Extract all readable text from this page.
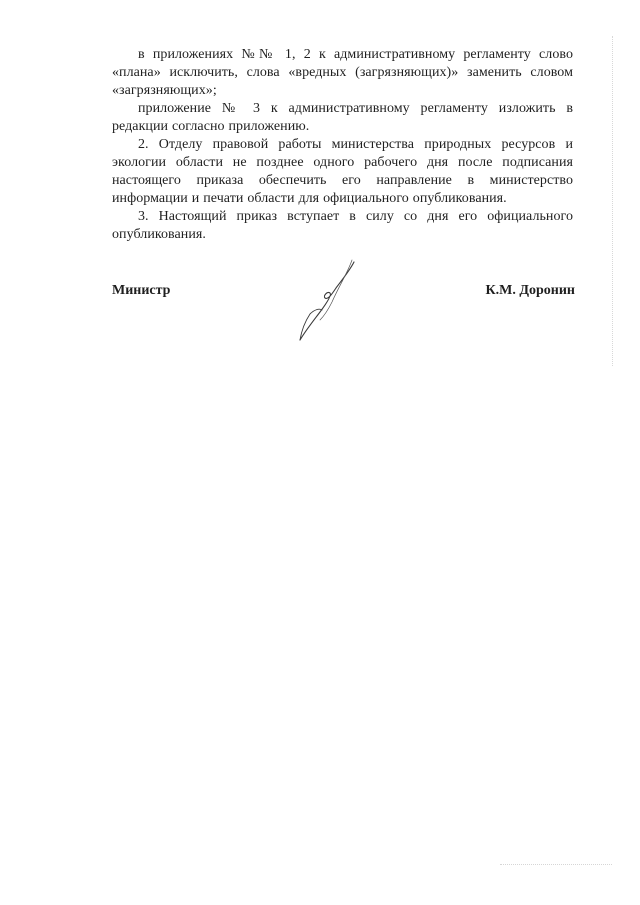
в приложениях №№ 1, 2 к административному регламенту слово «плана» исключить, слова «вредных (загрязняющих)» заменить словом «загрязняющих»;

приложение № 3 к административному регламенту изложить в редакции согласно приложению.

2. Отделу правовой работы министерства природных ресурсов и экологии области не позднее одного рабочего дня после подписания настоящего приказа обеспечить его направление в министерство информации и печати области для официального опубликования.

3. Настоящий приказ вступает в силу со дня его официального опубликования.

Министр	К.М. Доронин
